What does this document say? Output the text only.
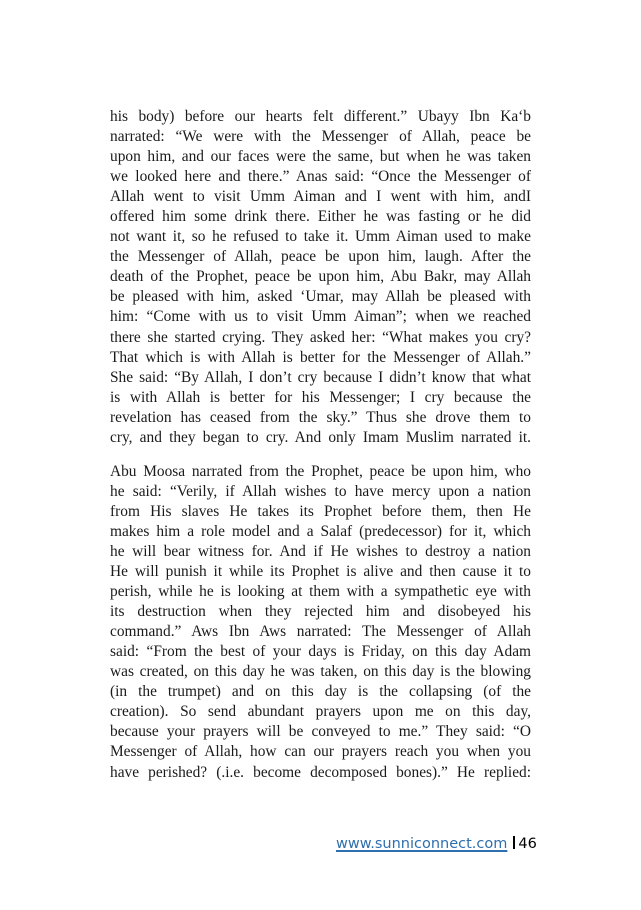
his body) before our hearts felt different.” Ubayy Ibn Ka‘b
narrated: “We were with the Messenger of Allah, peace be
upon him, and our faces were the same, but when he was taken
we looked here and there.” Anas said: “Once the Messenger of
Allah went to visit Umm Aiman and I went with him, andI
offered him some drink there. Either he was fasting or he did
not want it, so he refused to take it. Umm Aiman used to make
the Messenger of Allah, peace be upon him, laugh. After the
death of the Prophet, peace be upon him, Abu Bakr, may Allah
be pleased with him, asked ‘Umar, may Allah be pleased with
him: “Come with us to visit Umm Aiman”; when we reached
there she started crying. They asked her: “What makes you cry?
That which is with Allah is better for the Messenger of Allah.”
She said: “By Allah, I don’t cry because I didn’t know that what
is with Allah is better for his Messenger; I cry because the
revelation has ceased from the sky.” Thus she drove them to
cry, and they began to cry. And only Imam Muslim narrated it.
Abu Moosa narrated from the Prophet, peace be upon him, who
he said: “Verily, if Allah wishes to have mercy upon a nation
from His slaves He takes its Prophet before them, then He
makes him a role model and a Salaf (predecessor) for it, which
he will bear witness for. And if He wishes to destroy a nation
He will punish it while its Prophet is alive and then cause it to
perish, while he is looking at them with a sympathetic eye with
its destruction when they rejected him and disobeyed his
command.” Aws Ibn Aws narrated: The Messenger of Allah
said: “From the best of your days is Friday, on this day Adam
was created, on this day he was taken, on this day is the blowing
(in the trumpet) and on this day is the collapsing (of the
creation). So send abundant prayers upon me on this day,
because your prayers will be conveyed to me.” They said: “O
Messenger of Allah, how can our prayers reach you when you
have perished? (.i.e. become decomposed bones).” He replied:
www.sunniconnect.com 46
